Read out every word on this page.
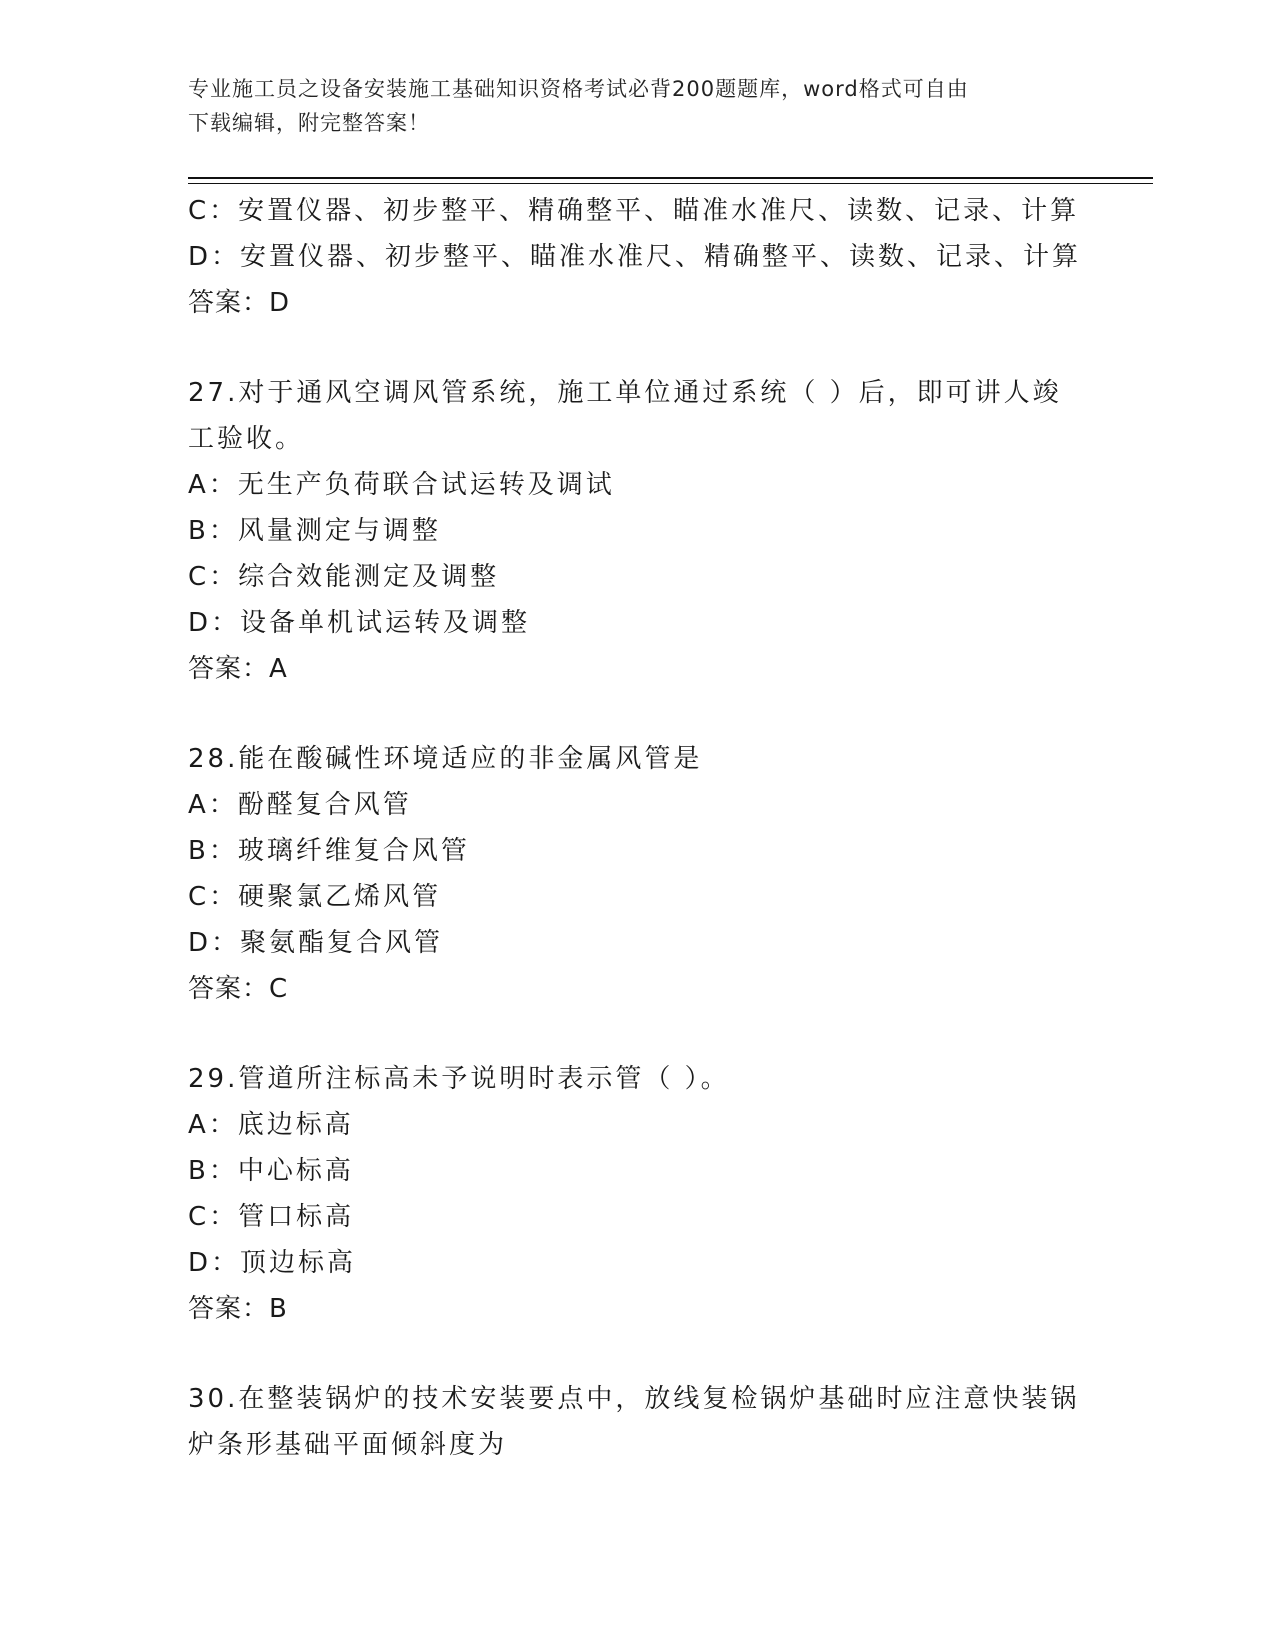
专业施工员之设备安装施工基础知识资格考试必背200题题库，word格式可自由
下载编辑，附完整答案！
C：安置仪器、初步整平、精确整平、瞄准水准尺、读数、记录、计算
D：安置仪器、初步整平、瞄准水准尺、精确整平、读数、记录、计算
答案：D
27.对于通风空调风管系统，施工单位通过系统（ ）后，即可讲人竣
工验收。
A：无生产负荷联合试运转及调试
B：风量测定与调整
C：综合效能测定及调整
D：设备单机试运转及调整
答案：A
28.能在酸碱性环境适应的非金属风管是
A：酚醛复合风管
B：玻璃纤维复合风管
C：硬聚氯乙烯风管
D：聚氨酯复合风管
答案：C
29.管道所注标高未予说明时表示管（ ）。
A：底边标高
B：中心标高
C：管口标高
D：顶边标高
答案：B
30.在整装锅炉的技术安装要点中，放线复检锅炉基础时应注意快装锅
炉条形基础平面倾斜度为
